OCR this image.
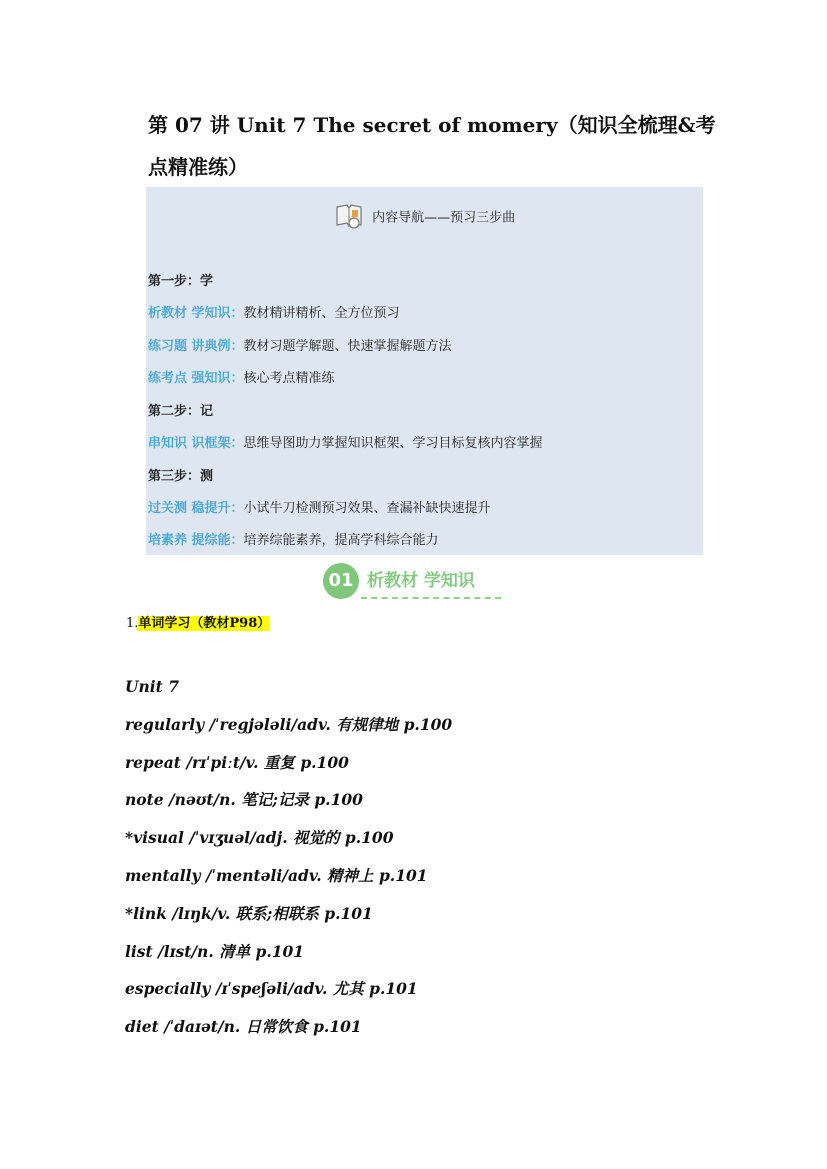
第 07 讲 Unit 7 The secret of momery（知识全梳理&考点精准练）
内容导航——预习三步曲
第一步：学
析教材 学知识：教材精讲精析、全方位预习
练习题 讲典例：教材习题学解题、快速掌握解题方法
练考点 强知识：核心考点精准练
第二步：记
串知识 识框架：思维导图助力掌握知识框架、学习目标复核内容掌握
第三步：测
过关测 稳提升：小试牛刀检测预习效果、查漏补缺快速提升
培素养 提综能：培养综能素养，提高学科综合能力
01 析教材 学知识
1.单词学习（教材P98）
Unit 7
regularly /ˈregjələli/adv. 有规律地 p.100
repeat /rɪˈpiːt/v. 重复 p.100
note /nəʊt/n. 笔记;记录 p.100
*visual /ˈvɪʒuəl/adj. 视觉的 p.100
mentally /ˈmentəli/adv. 精神上 p.101
*link /lɪŋk/v. 联系;相联系 p.101
list /lɪst/n. 清单 p.101
especially /ɪˈspeʃəli/adv. 尤其 p.101
diet /ˈdaɪət/n. 日常饮食 p.101
